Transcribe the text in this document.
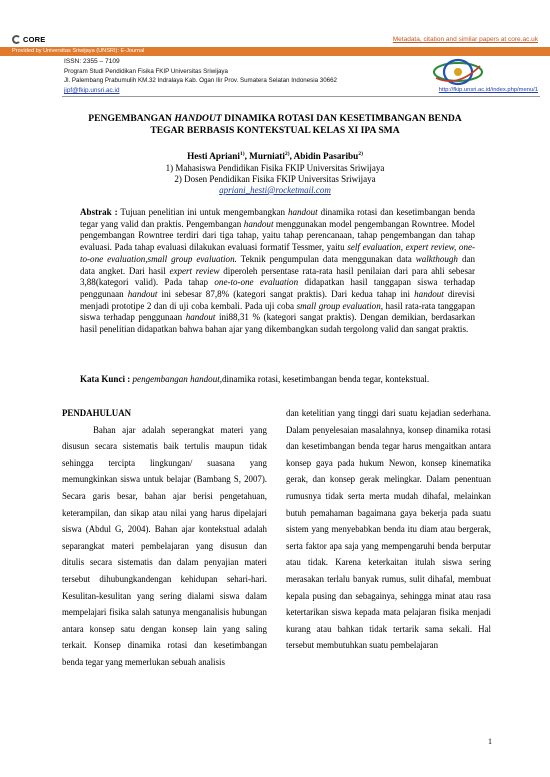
CORE	Metadata, citation and similar papers at core.ac.uk
Provided by Universitas Sriwijaya (UNSRI): E-Journal
ISSN: 2355 – 7109
Program Studi Pendidikan Fisika FKIP Universitas Sriwijaya
Jl. Palembang Prabumulih KM.32 Indralaya Kab. Ogan Ilir Prov. Sumatera Selatan Indonesia 30662
jipf@fkip.unsri.ac.id	http://fkip.unsri.ac.id/index.php/menu/1
PENGEMBANGAN HANDOUT DINAMIKA ROTASI DAN KESETIMBANGAN BENDA
TEGAR BERBASIS KONTEKSTUAL KELAS XI IPA SMA
Hesti Apriani$^{1)}$, Murniati$^{2)}$, Abidin Pasaribu$^{2)}$
1) Mahasiswa Pendidikan Fisika FKIP Universitas Sriwijaya
2) Dosen Pendidikan Fisika FKIP Universitas Sriwijaya
apriani_hesti@rocketmail.com
Abstrak : Tujuan penelitian ini untuk mengembangkan handout dinamika rotasi dan kesetimbangan benda tegar yang valid dan praktis. Pengembangan handout menggunakan model pengembangan Rowntree. Model pengembangan Rowntree terdiri dari tiga tahap, yaitu tahap perencanaan, tahap pengembangan dan tahap evaluasi. Pada tahap evaluasi dilakukan evaluasi formatif Tessmer, yaitu self evaluation, expert review, one-to-one evaluation,small group evaluation. Teknik pengumpulan data menggunakan data walkthough dan data angket. Dari hasil expert review diperoleh persentase rata-rata hasil penilaian dari para ahli sebesar 3,88(kategori valid). Pada tahap one-to-one evaluation didapatkan hasil tanggapan siswa terhadap penggunaan handout ini sebesar 87,8% (kategori sangat praktis). Dari kedua tahap ini handout direvisi menjadi prototipe 2 dan di uji coba kembali. Pada uji coba small group evaluation, hasil rata-rata tanggapan siswa terhadap penggunaan handout ini88,31 % (kategori sangat praktis). Dengan demikian, berdasarkan hasil penelitian didapatkan bahwa bahan ajar yang dikembangkan sudah tergolong valid dan sangat praktis.
Kata Kunci : pengembangan handout,dinamika rotasi, kesetimbangan benda tegar, kontekstual.
PENDAHULUAN
Bahan ajar adalah seperangkat materi yang disusun secara sistematis baik tertulis maupun tidak sehingga tercipta lingkungan/ suasana yang memungkinkan siswa untuk belajar (Bambang S, 2007). Secara garis besar, bahan ajar berisi pengetahuan, keterampilan, dan sikap atau nilai yang harus dipelajari siswa (Abdul G, 2004). Bahan ajar kontekstual adalah separangkat materi pembelajaran yang disusun dan ditulis secara sistematis dan dalam penyajian materi tersebut dihubungkandengan kehidupan sehari-hari. Kesulitan-kesulitan yang sering dialami siswa dalam mempelajari fisika salah satunya menganalisis hubungan antara konsep satu dengan konsep lain yang saling terkait. Konsep dinamika rotasi dan kesetimbangan benda tegar yang memerlukan sebuah analisis
dan ketelitian yang tinggi dari suatu kejadian sederhana. Dalam penyelesaian masalahnya, konsep dinamika rotasi dan kesetimbangan benda tegar harus mengaitkan antara konsep gaya pada hukum Newon, konsep kinematika gerak, dan konsep gerak melingkar. Dalam penentuan rumusnya tidak serta merta mudah dihafal, melainkan butuh pemahaman bagaimana gaya bekerja pada suatu sistem yang menyebabkan benda itu diam atau bergerak, serta faktor apa saja yang mempengaruhi benda berputar atau tidak. Karena keterkaitan itulah siswa sering merasakan terlalu banyak rumus, sulit dihafal, membuat kepala pusing dan sebagainya, sehingga minat atau rasa ketertarikan siswa kepada mata pelajaran fisika menjadi kurang atau bahkan tidak tertarik sama sekali. Hal tersebut membutuhkan suatu pembelajaran
1
